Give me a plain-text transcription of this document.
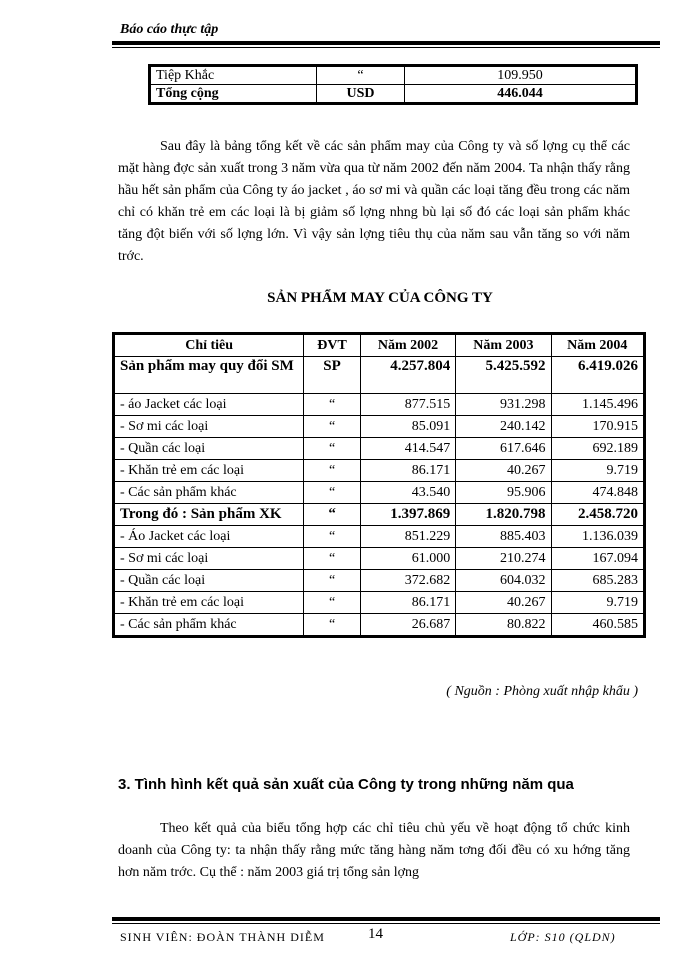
Báo cáo thực tập
Tiệp Khắc	“	109.950
Tổng cộng	USD	446.044

Sau đây là bảng tổng kết về các sản phẩm may của Công ty và số lợng cụ thể các mặt hàng đợc sản xuất trong 3 năm vừa qua từ năm 2002 đến năm 2004. Ta nhận thấy rằng hầu hết sản phẩm của Công ty áo jacket , áo sơ mi và quần các loại tăng đều trong các năm chỉ có khăn trẻ em các loại là bị giảm số lợng nhng bù lại số đó các loại sản phẩm khác tăng đột biến với số lợng lớn. Vì vậy sản lợng tiêu thụ của năm sau vẫn tăng so với năm trớc.

SẢN PHẨM MAY CỦA CÔNG TY
Chỉ tiêu	ĐVT	Năm 2002	Năm 2003	Năm 2004
Sản phẩm may quy đổi SM	SP	4.257.804	5.425.592	6.419.026
- áo Jacket các loại	“	877.515	931.298	1.145.496
- Sơ mi các loại	“	85.091	240.142	170.915
- Quần các loại	“	414.547	617.646	692.189
- Khăn trẻ em các loại	“	86.171	40.267	9.719
- Các sản phẩm khác	“	43.540	95.906	474.848
Trong đó : Sản phẩm XK	“	1.397.869	1.820.798	2.458.720
- Áo Jacket các loại	“	851.229	885.403	1.136.039
- Sơ mi các loại	“	61.000	210.274	167.094
- Quần các loại	“	372.682	604.032	685.283
- Khăn trẻ em các loại	“	86.171	40.267	9.719
- Các sản phẩm khác	“	26.687	80.822	460.585
( Nguồn : Phòng xuất nhập khẩu )
3. Tình hình kết quả sản xuất của Công ty trong những năm qua

Theo kết quả của biểu tổng hợp các chỉ tiêu chủ yếu về hoạt động tổ chức kinh doanh của Công ty: ta nhận thấy rằng mức tăng hàng năm tơng đối đều có xu hớng tăng hơn năm trớc. Cụ thể : năm 2003 giá trị tổng sản lợng

SINH VIÊN: ĐOÀN THÀNH DIỄM	14	LỚP: S10 (QLDN)
